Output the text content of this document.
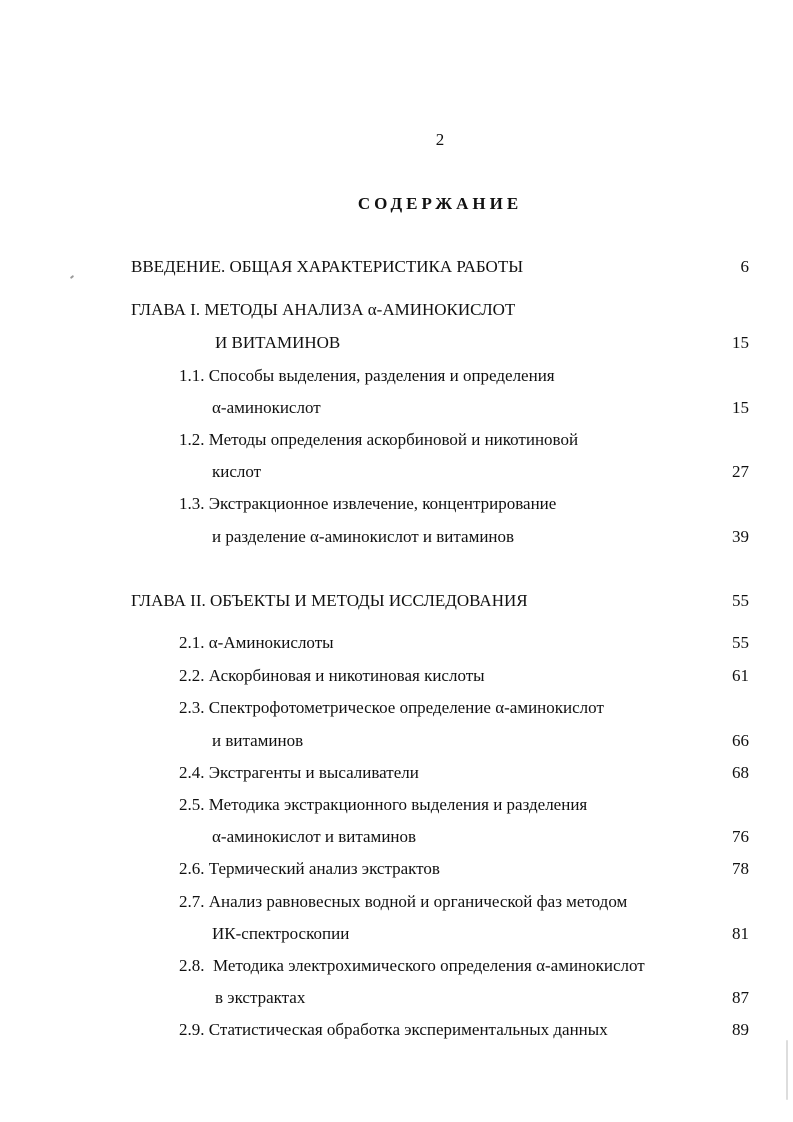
2
СОДЕРЖАНИЕ
ВВЕДЕНИЕ. ОБЩАЯ ХАРАКТЕРИСТИКА РАБОТЫ	6
ГЛАВА I. МЕТОДЫ АНАЛИЗА α-АМИНОКИСЛОТ
И ВИТАМИНОВ	15
1.1. Способы выделения, разделения и определения
α-аминокислот	15
1.2. Методы определения аскорбиновой и никотиновой
кислот	27
1.3. Экстракционное извлечение, концентрирование
и разделение α-аминокислот и витаминов	39
ГЛАВА II. ОБЪЕКТЫ И МЕТОДЫ ИССЛЕДОВАНИЯ	55
2.1. α-Аминокислоты	55
2.2. Аскорбиновая и никотиновая кислоты	61
2.3. Спектрофотометрическое определение α-аминокислот
и витаминов	66
2.4. Экстрагенты и высаливатели	68
2.5. Методика экстракционного выделения и разделения
α-аминокислот и витаминов	76
2.6. Термический анализ экстрактов	78
2.7. Анализ равновесных водной и органической фаз методом
ИК-спектроскопии	81
2.8.  Методика электрохимического определения α-аминокислот
в экстрактах	87
2.9. Статистическая обработка экспериментальных данных	89
